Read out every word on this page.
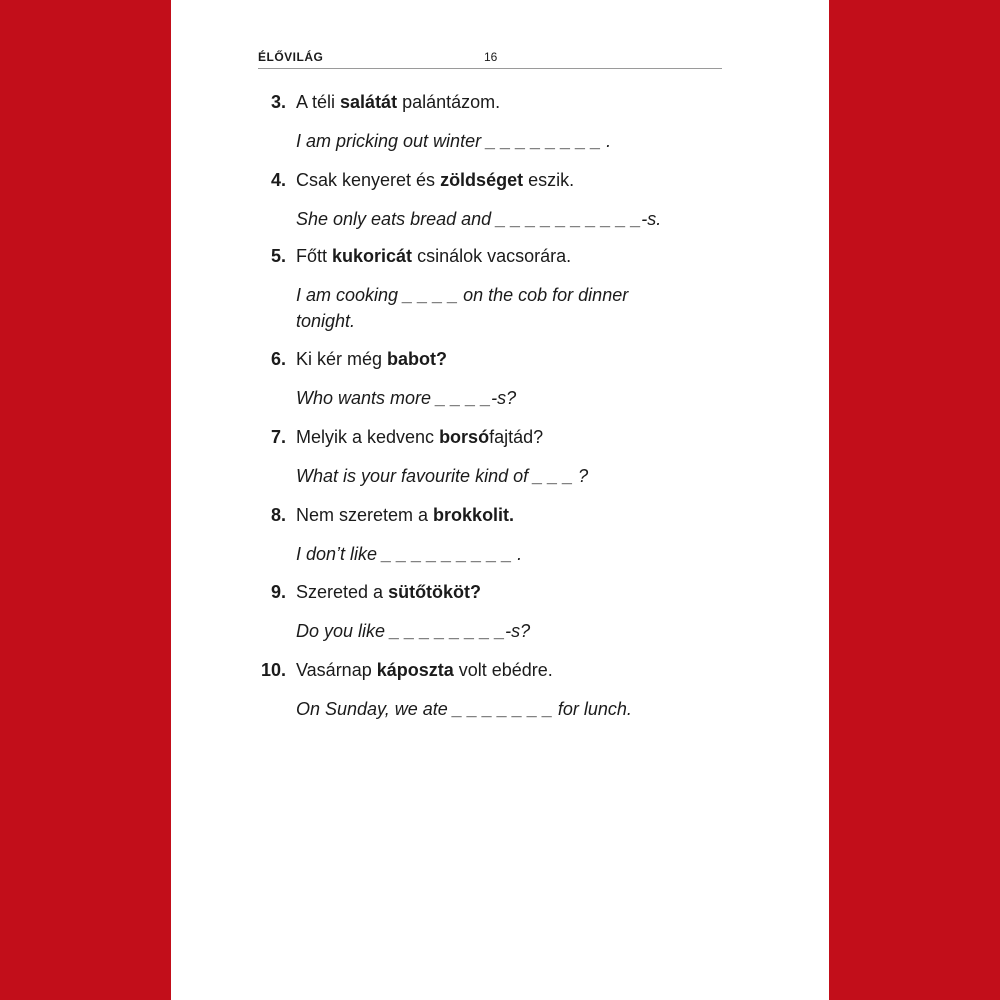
ÉLŐVILÁG	16
3. A téli salátát palántázom.
I am pricking out winter _ _ _ _ _ _ _ _ .
4. Csak kenyeret és zöldséget eszik.
She only eats bread and _ _ _ _ _ _ _ _ _ _-s.
5. Főtt kukoricát csinálok vacsorára.
I am cooking _ _ _ _ on the cob for dinner tonight.
6. Ki kér még babot?
Who wants more _ _ _ _-s?
7. Melyik a kedvenc borsófajtád?
What is your favourite kind of _ _ _ ?
8. Nem szeretem a brokkolit.
I don’t like _ _ _ _ _ _ _ _ _ .
9. Szereted a sütőtököt?
Do you like _ _ _ _ _ _ _ _-s?
10. Vasárnap káposzta volt ebédre.
On Sunday, we ate _ _ _ _ _ _ _ for lunch.
